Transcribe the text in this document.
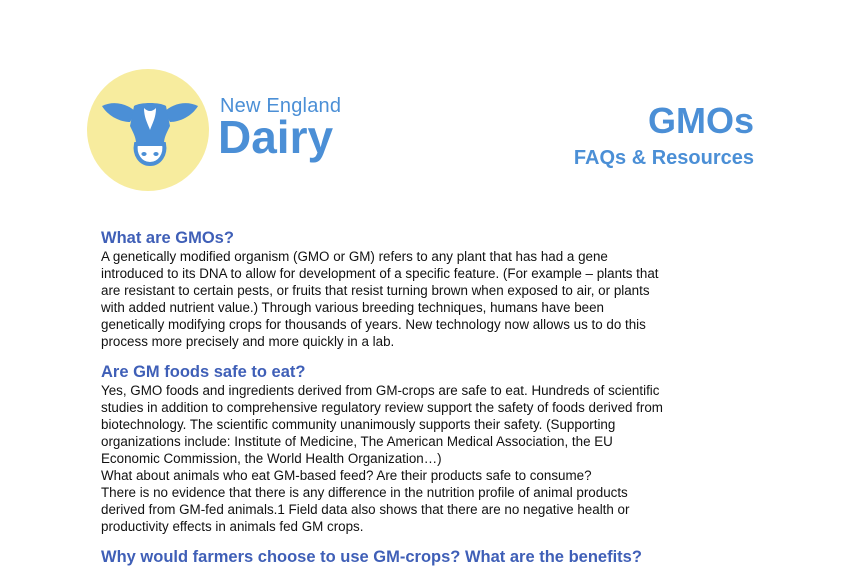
New England
Dairy	GMOs
FAQs & Resources
What are GMOs?

A genetically modified organism (GMO or GM) refers to any plant that has had a gene
introduced to its DNA to allow for development of a specific feature. (For example – plants that
are resistant to certain pests, or fruits that resist turning brown when exposed to air, or plants
with added nutrient value.) Through various breeding techniques, humans have been
genetically modifying crops for thousands of years. New technology now allows us to do this
process more precisely and more quickly in a lab.

Are GM foods safe to eat?

Yes, GMO foods and ingredients derived from GM-crops are safe to eat. Hundreds of scientific
studies in addition to comprehensive regulatory review support the safety of foods derived from
biotechnology. The scientific community unanimously supports their safety. (Supporting
organizations include: Institute of Medicine, The American Medical Association, the EU
Economic Commission, the World Health Organization…)
What about animals who eat GM-based feed? Are their products safe to consume?
There is no evidence that there is any difference in the nutrition profile of animal products
derived from GM-fed animals.1 Field data also shows that there are no negative health or
productivity effects in animals fed GM crops.

Why would farmers choose to use GM-crops? What are the benefits?
